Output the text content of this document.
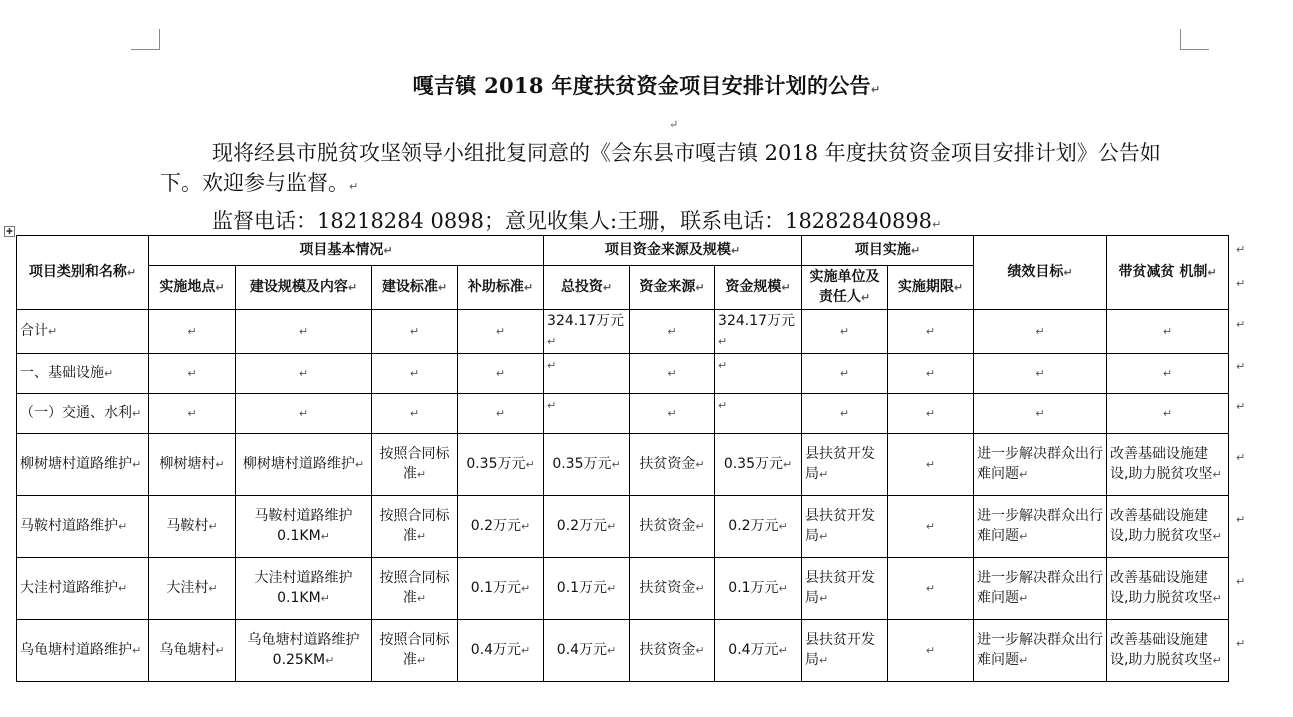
嘎吉镇 2018 年度扶贫资金项目安排计划的公告↵
↵
现将经县市脱贫攻坚领导小组批复同意的《会东县市嘎吉镇 2018 年度扶贫资金项目安排计划》公告如下。欢迎参与监督。↵
监督电话：18218284 0898；意见收集人:王珊，联系电话：18282840898↵
✚
项目类别和名称↵	项目基本情况↵				项目资金来源及规模↵			项目实施↵		绩效目标↵	带贫减贫 机制↵
	实施地点↵	建设规模及内容↵	建设标准↵	补助标准↵	总投资↵	资金来源↵	资金规模↵	实施单位及责任人↵	实施期限↵		
合计↵	↵	↵	↵	↵	324.17万元↵	↵	324.17万元↵	↵	↵	↵	↵
一、基础设施↵	↵	↵	↵	↵	↵	↵	↵	↵	↵	↵	↵
（一）交通、水利↵	↵	↵	↵	↵	↵	↵	↵	↵	↵	↵	↵
柳树塘村道路维护↵	柳树塘村↵	柳树塘村道路维护↵	按照合同标准↵	0.35万元↵	0.35万元↵	扶贫资金↵	0.35万元↵	县扶贫开发局↵	↵	进一步解决群众出行难问题↵	改善基础设施建设,助力脱贫攻坚↵
马鞍村道路维护↵	马鞍村↵	马鞍村道路维护0.1KM↵	按照合同标准↵	0.2万元↵	0.2万元↵	扶贫资金↵	0.2万元↵	县扶贫开发局↵	↵	进一步解决群众出行难问题↵	改善基础设施建设,助力脱贫攻坚↵
大洼村道路维护↵	大洼村↵	大洼村道路维护0.1KM↵	按照合同标准↵	0.1万元↵	0.1万元↵	扶贫资金↵	0.1万元↵	县扶贫开发局↵	↵	进一步解决群众出行难问题↵	改善基础设施建设,助力脱贫攻坚↵
乌龟塘村道路维护↵	乌龟塘村↵	乌龟塘村道路维护 0.25KM↵	按照合同标准↵	0.4万元↵	0.4万元↵	扶贫资金↵	0.4万元↵	县扶贫开发局↵	↵	进一步解决群众出行难问题↵	改善基础设施建设,助力脱贫攻坚↵
↵
↵
↵
↵
↵
↵
↵
↵
↵
